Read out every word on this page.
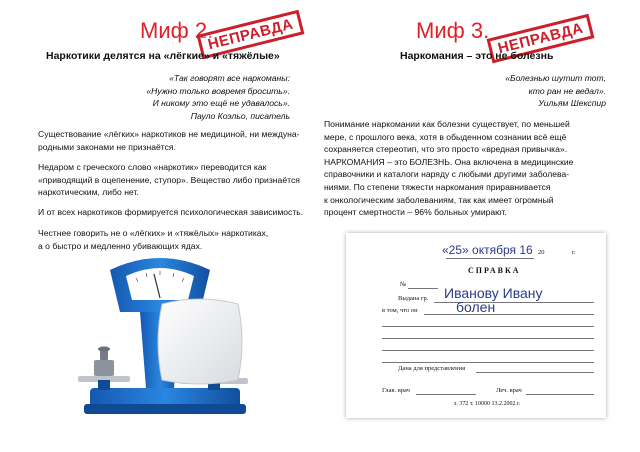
Миф 2.
НЕПРАВДА
Наркотики делятся на «лёгкие» и «тяжёлые»
«Так говорят все наркоманы:
«Нужно только вовремя бросить».
И никому это ещё не удавалось».
Пауло Коэльо, писатель
Существование «лёгких» наркотиков не медициной, ни междуна-
родными законами не признаётся.
Недаром с греческого слово «наркотик» переводится как
«приводящий в оцепенение, ступор». Вещество либо признаётся
наркотическим, либо нет.
И от всех наркотиков формируется психологическая зависимость.
Честнее говорить не о «лёгких» и «тяжёлых» наркотиках,
а о быстро и медленно убивающих ядах.
Миф 3. НЕПРАВДА
Наркомания – это не болезнь
«Болезнью шутит тот,
кто ран не ведал».
Уильям Шекспир
Понимание наркомании как болезни существует, по меньшей
мере, с прошлого века, хотя в обыденном сознании всё ещё
сохраняется стереотип, что это просто «вредная привычка».
НАРКОМАНИЯ – это БОЛЕЗНЬ. Она включена в медицинские
справочники и каталоги наряду с любыми другими заболева-
ниями. По степени тяжести наркомания приравнивается
к онкологическим заболеваниям, так как имеет огромный
процент смертности – 96% больных умирают.
«25» октября 16 20	г.
СПРАВКА
№
Выдана гр. Иванову Ивану
в том, что он	болен
Дана для представления
Глав. врач	Леч. врач
з. 372 т. 10000 13.2.2002 г.
